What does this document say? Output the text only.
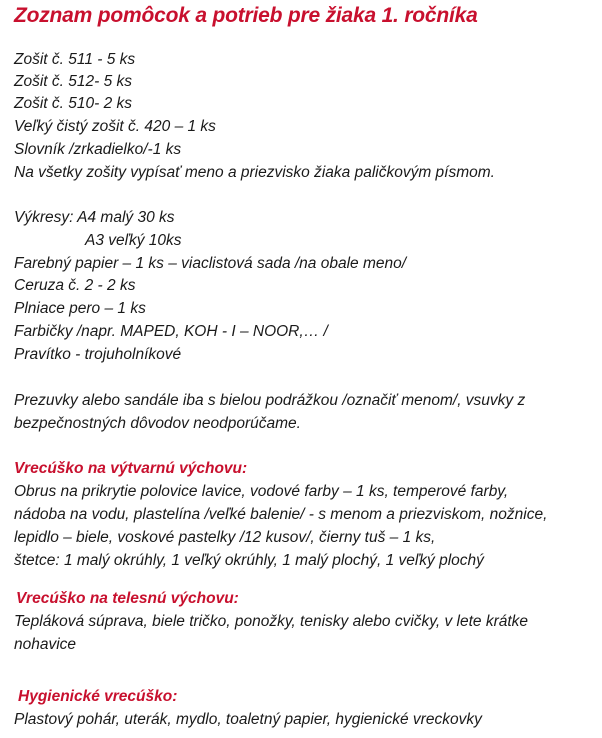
Zoznam pomôcok a potrieb pre žiaka 1. ročníka
Zošit č. 511 - 5 ks
Zošit č. 512- 5 ks
Zošit č. 510- 2 ks
Veľký čistý zošit č. 420 – 1 ks
Slovník /zrkadielko/-1 ks
Na všetky zošity vypísať meno a priezvisko žiaka paličkovým písmom.
Výkresy: A4 malý 30 ks
A3 veľký 10ks
Farebný papier – 1 ks – viaclistová sada /na obale meno/
Ceruza č. 2 - 2 ks
Plniace pero – 1 ks
Farbičky /napr. MAPED, KOH - I – NOOR,… /
Pravítko - trojuholníkové
Prezuvky alebo sandále iba s bielou podrážkou /označiť menom/, vsuvky z
bezpečnostných dôvodov neodporúčame.
Vrecúško na výtvarnú výchovu:
Obrus na prikrytie polovice lavice, vodové farby – 1 ks, temperové farby,
nádoba na vodu, plastelína /veľké balenie/ - s menom a priezviskom, nožnice,
lepidlo – biele, voskové pastelky /12 kusov/, čierny tuš – 1 ks,
štetce: 1 malý okrúhly, 1 veľký okrúhly, 1 malý plochý, 1 veľký plochý
Vrecúško na telesnú výchovu:
Tepláková súprava, biele tričko, ponožky, tenisky alebo cvičky, v lete krátke
nohavice
Hygienické vrecúško:
Plastový pohár, uterák, mydlo, toaletný papier, hygienické vreckovky
